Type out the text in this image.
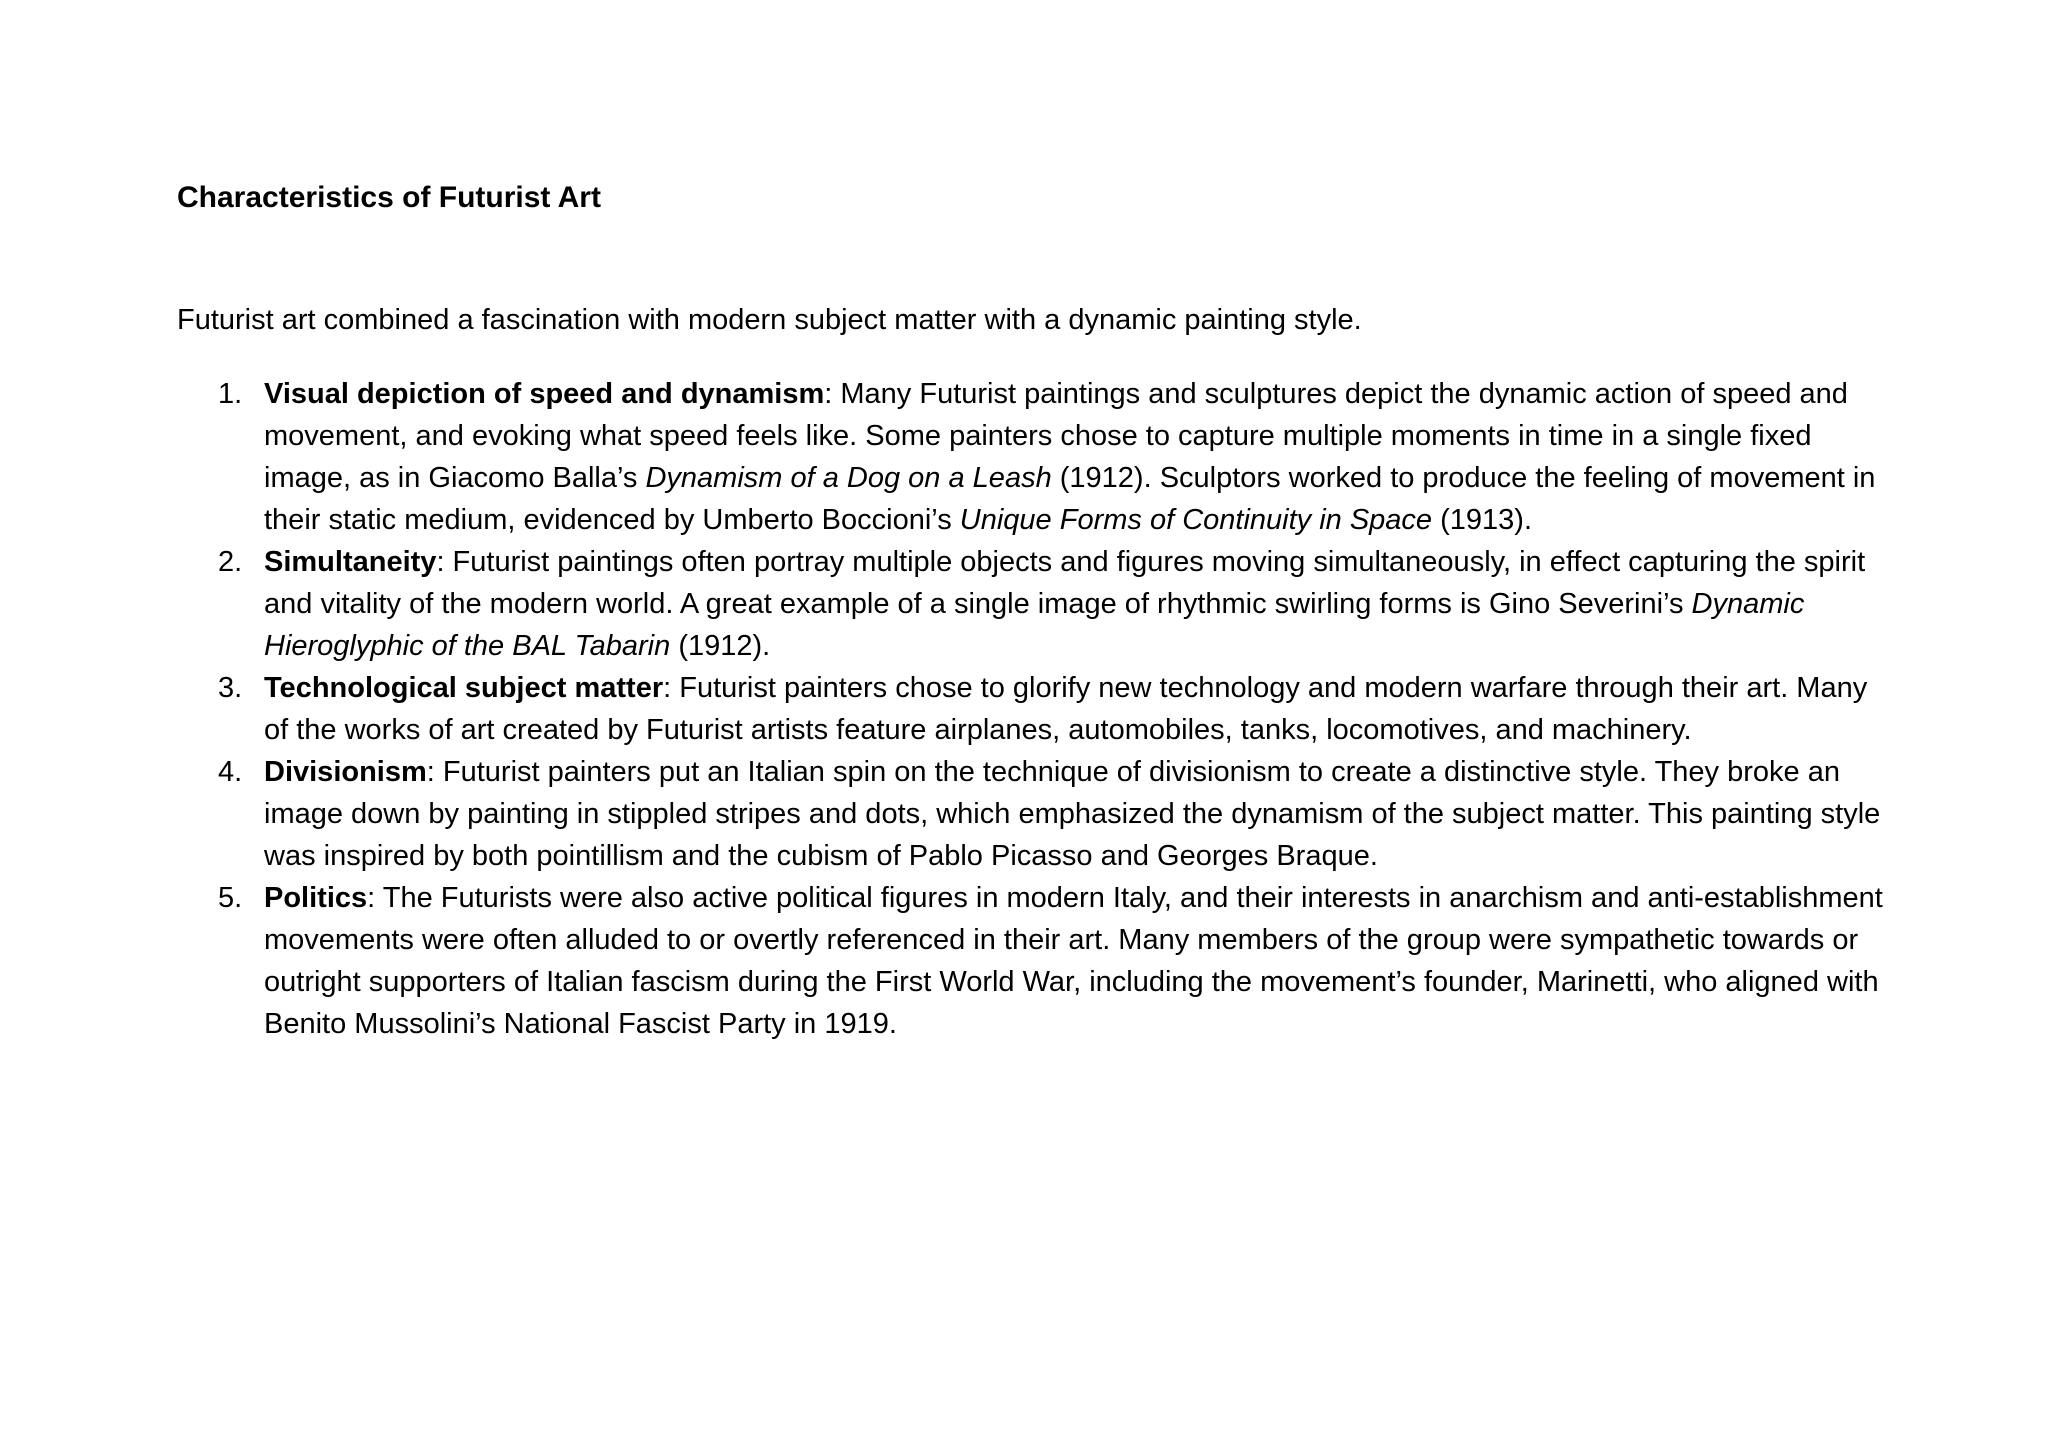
Characteristics of Futurist Art

Futurist art combined a fascination with modern subject matter with a dynamic painting style.

1. Visual depiction of speed and dynamism: Many Futurist paintings and sculptures depict the dynamic action of speed and movement, and evoking what speed feels like. Some painters chose to capture multiple moments in time in a single fixed image, as in Giacomo Balla’s Dynamism of a Dog on a Leash (1912). Sculptors worked to produce the feeling of movement in their static medium, evidenced by Umberto Boccioni’s Unique Forms of Continuity in Space (1913).
2. Simultaneity: Futurist paintings often portray multiple objects and figures moving simultaneously, in effect capturing the spirit and vitality of the modern world. A great example of a single image of rhythmic swirling forms is Gino Severini’s Dynamic Hieroglyphic of the BAL Tabarin (1912).
3. Technological subject matter: Futurist painters chose to glorify new technology and modern warfare through their art. Many of the works of art created by Futurist artists feature airplanes, automobiles, tanks, locomotives, and machinery.
4. Divisionism: Futurist painters put an Italian spin on the technique of divisionism to create a distinctive style. They broke an image down by painting in stippled stripes and dots, which emphasized the dynamism of the subject matter. This painting style was inspired by both pointillism and the cubism of Pablo Picasso and Georges Braque.
5. Politics: The Futurists were also active political figures in modern Italy, and their interests in anarchism and anti-establishment movements were often alluded to or overtly referenced in their art. Many members of the group were sympathetic towards or outright supporters of Italian fascism during the First World War, including the movement’s founder, Marinetti, who aligned with Benito Mussolini’s National Fascist Party in 1919.
